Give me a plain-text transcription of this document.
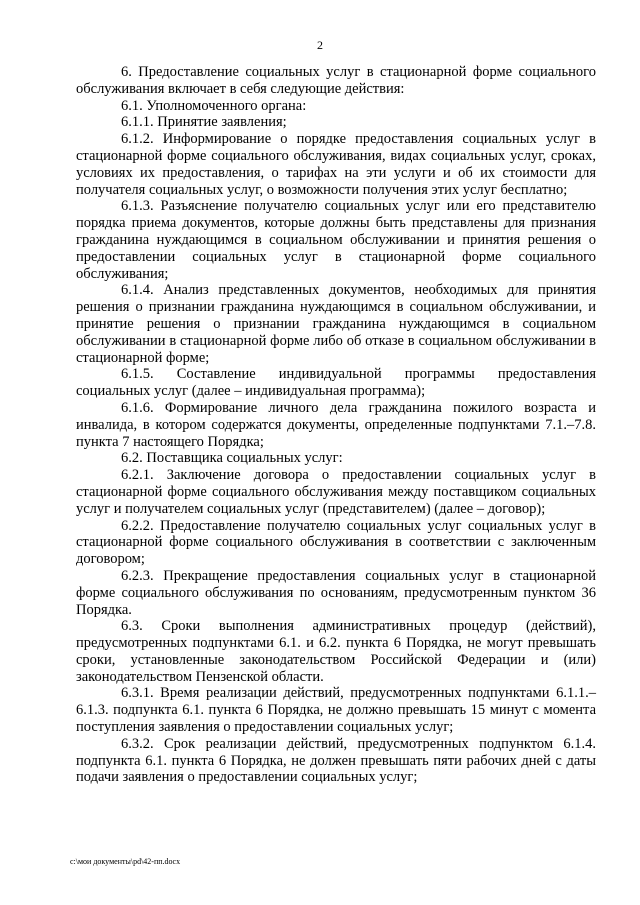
2

6. Предоставление социальных услуг в стационарной форме социального обслуживания включает в себя следующие действия:

6.1. Уполномоченного органа:

6.1.1. Принятие заявления;

6.1.2. Информирование о порядке предоставления социальных услуг в стационарной форме социального обслуживания, видах социальных услуг, сроках, условиях их предоставления, о тарифах на эти услуги и об их стоимости для получателя социальных услуг, о возможности получения этих услуг бесплатно;

6.1.3. Разъяснение получателю социальных услуг или его представителю порядка приема документов, которые должны быть представлены для признания гражданина нуждающимся в социальном обслуживании и принятия решения о предоставлении социальных услуг в стационарной форме социального обслуживания;

6.1.4. Анализ представленных документов, необходимых для принятия решения о признании гражданина нуждающимся в социальном обслуживании, и принятие решения о признании гражданина нуждающимся в социальном обслуживании в стационарной форме либо об отказе в социальном обслуживании в стационарной форме;

6.1.5. Составление индивидуальной программы предоставления социальных услуг (далее – индивидуальная программа);

6.1.6. Формирование личного дела гражданина пожилого возраста и инвалида, в котором содержатся документы, определенные подпунктами 7.1.–7.8. пункта 7 настоящего Порядка;

6.2. Поставщика социальных услуг:

6.2.1. Заключение договора о предоставлении социальных услуг в стационарной форме социального обслуживания между поставщиком социальных услуг и получателем социальных услуг (представителем) (далее – договор);

6.2.2. Предоставление получателю социальных услуг социальных услуг в стационарной форме социального обслуживания в соответствии с заключенным договором;

6.2.3. Прекращение предоставления социальных услуг в стационарной форме социального обслуживания по основаниям, предусмотренным пунктом 36 Порядка.

6.3. Сроки выполнения административных процедур (действий), предусмотренных подпунктами 6.1. и 6.2. пункта 6 Порядка, не могут превышать сроки, установленные законодательством Российской Федерации и (или) законодательством Пензенской области.

6.3.1. Время реализации действий, предусмотренных подпунктами 6.1.1.– 6.1.3. подпункта 6.1. пункта 6 Порядка, не должно превышать 15 минут с момента поступления заявления о предоставлении социальных услуг;

6.3.2. Срок реализации действий, предусмотренных подпунктом 6.1.4. подпункта 6.1. пункта 6 Порядка, не должен превышать пяти рабочих дней с даты подачи заявления о предоставлении социальных услуг;

c:\мои документы\pd\42-пп.docx
